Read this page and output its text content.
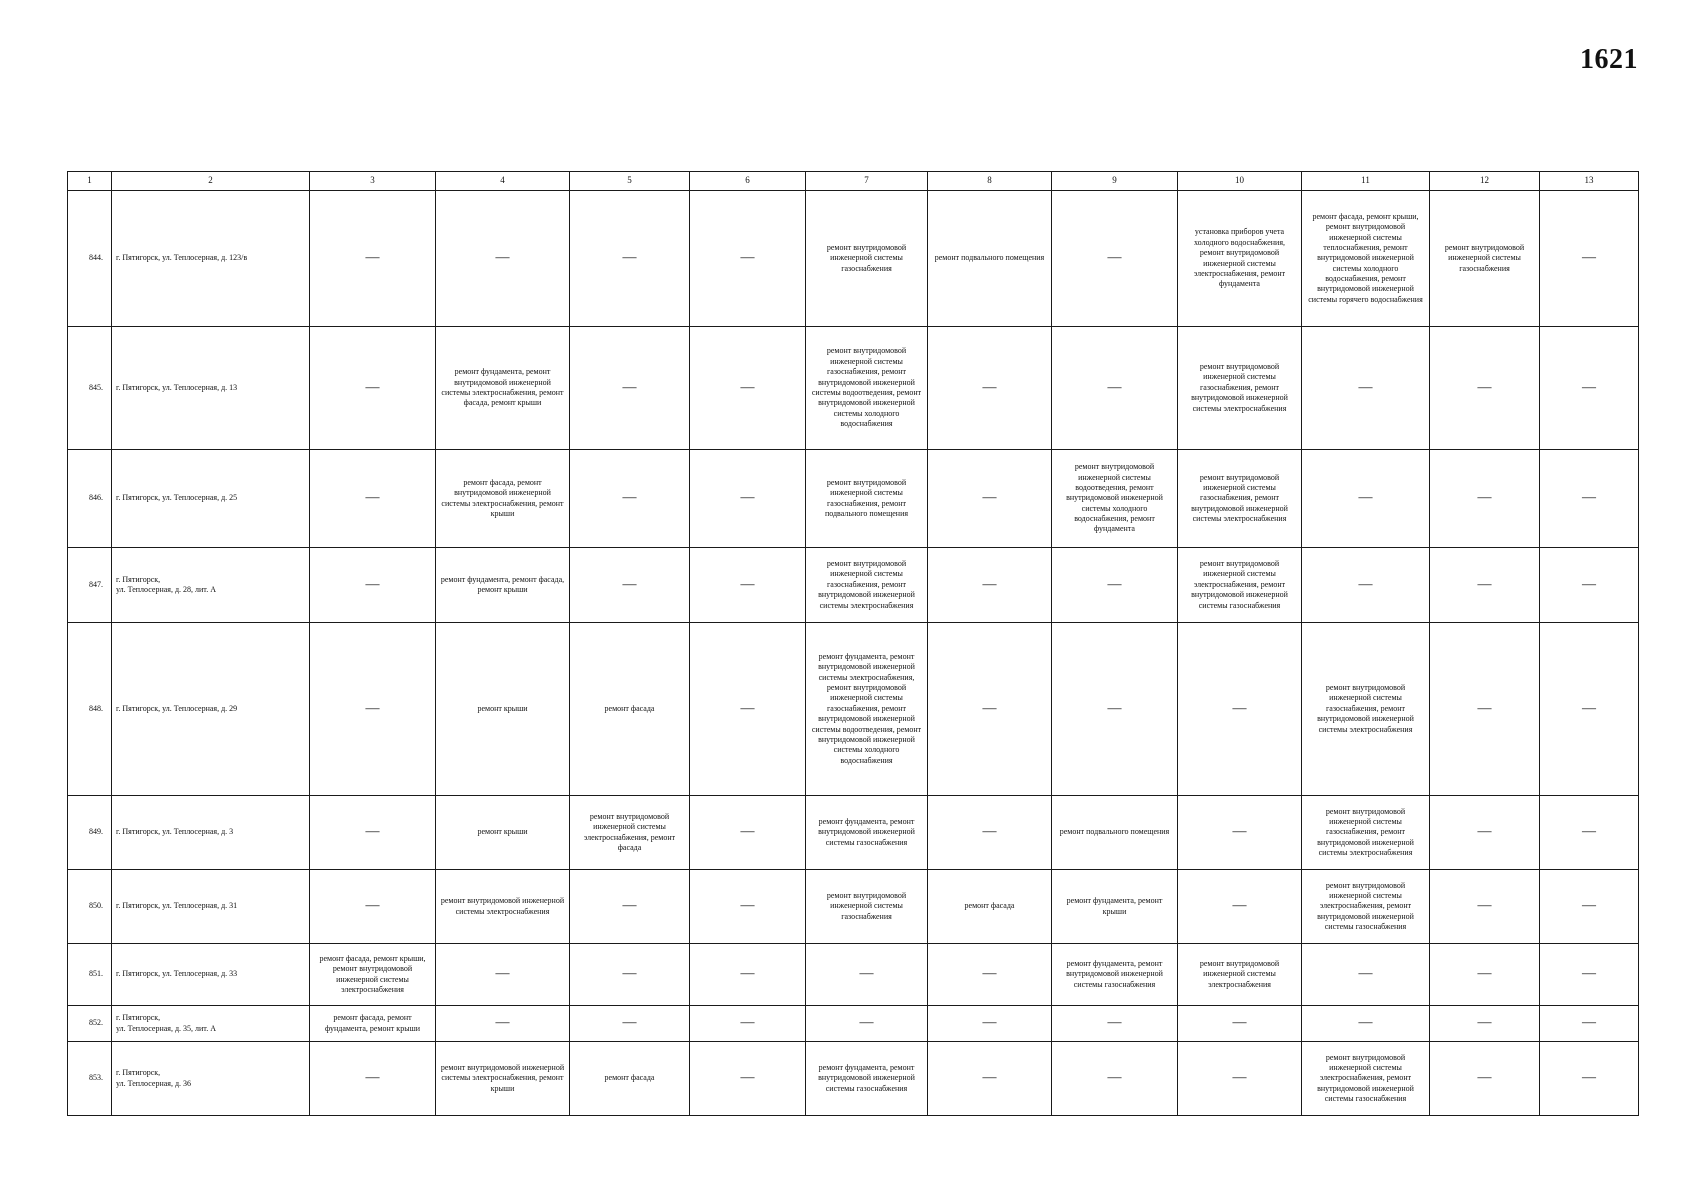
1621
1	2	3	4	5	6	7	8	9	10	11	12	13
844.	г. Пятигорск, ул. Теплосерная, д. 123/в	—	—	—	—	ремонт внутридомовой инженерной системы газоснабжения	ремонт подвального помещения	—	установка приборов учета холодного водоснабжения, ремонт внутридомовой инженерной системы электроснабжения, ремонт фундамента	ремонт фасада, ремонт крыши, ремонт внутридомовой инженерной системы теплоснабжения, ремонт внутридомовой инженерной системы холодного водоснабжения, ремонт внутридомовой инженерной системы горячего водоснабжения	ремонт внутридомовой инженерной системы газоснабжения	—
845.	г. Пятигорск, ул. Теплосерная, д. 13	—	ремонт фундамента, ремонт внутридомовой инженерной системы электроснабжения, ремонт фасада, ремонт крыши	—	—	ремонт внутридомовой инженерной системы газоснабжения, ремонт внутридомовой инженерной системы водоотведения, ремонт внутридомовой инженерной системы холодного водоснабжения	—	—	ремонт внутридомовой инженерной системы газоснабжения, ремонт внутридомовой инженерной системы электроснабжения	—	—	—
846.	г. Пятигорск, ул. Теплосерная, д. 25	—	ремонт фасада, ремонт внутридомовой инженерной системы электроснабжения, ремонт крыши	—	—	ремонт внутридомовой инженерной системы газоснабжения, ремонт подвального помещения	—	ремонт внутридомовой инженерной системы водоотведения, ремонт внутридомовой инженерной системы холодного водоснабжения, ремонт фундамента	ремонт внутридомовой инженерной системы газоснабжения, ремонт внутридомовой инженерной системы электроснабжения	—	—	—
847.	г. Пятигорск,
ул. Теплосерная, д. 28, лит. А	—	ремонт фундамента, ремонт фасада, ремонт крыши	—	—	ремонт внутридомовой инженерной системы газоснабжения, ремонт внутридомовой инженерной системы электроснабжения	—	—	ремонт внутридомовой инженерной системы электроснабжения, ремонт внутридомовой инженерной системы газоснабжения	—	—	—
848.	г. Пятигорск, ул. Теплосерная, д. 29	—	ремонт крыши	ремонт фасада	—	ремонт фундамента, ремонт внутридомовой инженерной системы электроснабжения, ремонт внутридомовой инженерной системы газоснабжения, ремонт внутридомовой инженерной системы водоотведения, ремонт внутридомовой инженерной системы холодного водоснабжения	—	—	—	ремонт внутридомовой инженерной системы газоснабжения, ремонт внутридомовой инженерной системы электроснабжения	—	—
849.	г. Пятигорск, ул. Теплосерная, д. 3	—	ремонт крыши	ремонт внутридомовой инженерной системы электроснабжения, ремонт фасада	—	ремонт фундамента, ремонт внутридомовой инженерной системы газоснабжения	—	ремонт подвального помещения	—	ремонт внутридомовой инженерной системы газоснабжения, ремонт внутридомовой инженерной системы электроснабжения	—	—
850.	г. Пятигорск, ул. Теплосерная, д. 31	—	ремонт внутридомовой инженерной системы электроснабжения	—	—	ремонт внутридомовой инженерной системы газоснабжения	ремонт фасада	ремонт фундамента, ремонт крыши	—	ремонт внутридомовой инженерной системы электроснабжения, ремонт внутридомовой инженерной системы газоснабжения	—	—
851.	г. Пятигорск, ул. Теплосерная, д. 33	ремонт фасада, ремонт крыши, ремонт внутридомовой инженерной системы электроснабжения	—	—	—	—	—	ремонт фундамента, ремонт внутридомовой инженерной системы газоснабжения	ремонт внутридомовой инженерной системы электроснабжения	—	—	—
852.	г. Пятигорск,
ул. Теплосерная, д. 35, лит. А	ремонт фасада, ремонт фундамента, ремонт крыши	—	—	—	—	—	—	—	—	—	—
853.	г. Пятигорск,
ул. Теплосерная, д. 36	—	ремонт внутридомовой инженерной системы электроснабжения, ремонт крыши	ремонт фасада	—	ремонт фундамента, ремонт внутридомовой инженерной системы газоснабжения	—	—	—	ремонт внутридомовой инженерной системы электроснабжения, ремонт внутридомовой инженерной системы газоснабжения	—	—
